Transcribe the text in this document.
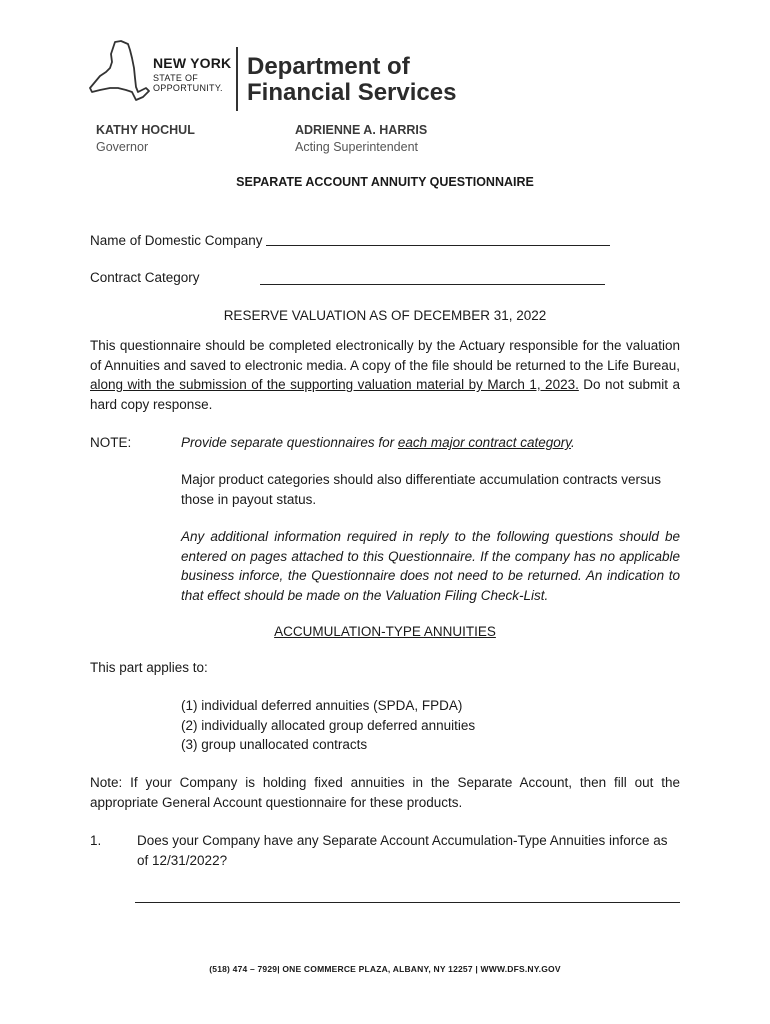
NEW YORK
STATE OF
OPPORTUNITY.
Department of
Financial Services
KATHY HOCHUL
Governor
ADRIENNE A. HARRIS
Acting Superintendent
SEPARATE ACCOUNT ANNUITY QUESTIONNAIRE
Name of Domestic Company
Contract Category
RESERVE VALUATION AS OF DECEMBER 31, 2022
This questionnaire should be completed electronically by the Actuary responsible for the valuation of Annuities and saved to electronic media. A copy of the file should be returned to the Life Bureau, along with the submission of the supporting valuation material by March 1, 2023. Do not submit a hard copy response.
NOTE:	Provide separate questionnaires for each major contract category.
Major product categories should also differentiate accumulation contracts versus those in payout status.
Any additional information required in reply to the following questions should be entered on pages attached to this Questionnaire. If the company has no applicable business inforce, the Questionnaire does not need to be returned. An indication to that effect should be made on the Valuation Filing Check-List.
ACCUMULATION-TYPE ANNUITIES
This part applies to:
(1) individual deferred annuities (SPDA, FPDA)
(2) individually allocated group deferred annuities
(3) group unallocated contracts
Note: If your Company is holding fixed annuities in the Separate Account, then fill out the appropriate General Account questionnaire for these products.
1.	Does your Company have any Separate Account Accumulation-Type Annuities inforce as of 12/31/2022?
(518) 474 – 7929| ONE COMMERCE PLAZA, ALBANY, NY 12257 | WWW.DFS.NY.GOV
